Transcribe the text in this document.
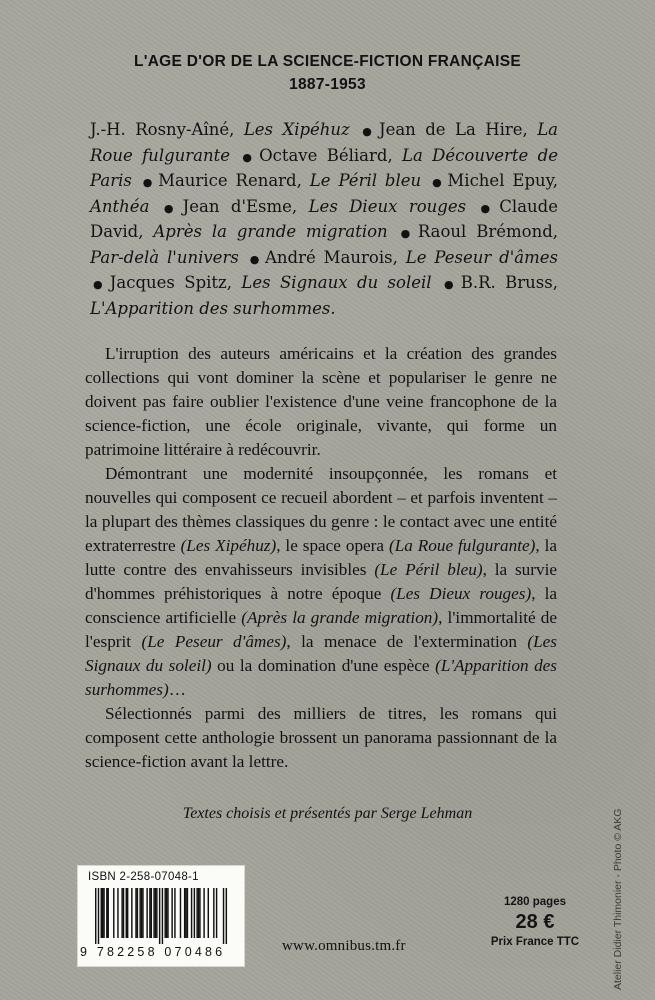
L'AGE D'OR DE LA SCIENCE-FICTION FRANÇAISE
1887-1953
J.-H. Rosny-Aîné, Les Xipéhuz ● Jean de La Hire, La Roue fulgurante ● Octave Béliard, La Découverte de Paris ● Maurice Renard, Le Péril bleu ● Michel Epuy, Anthéa ● Jean d'Esme, Les Dieux rouges ● Claude David, Après la grande migration ● Raoul Brémond, Par-delà l'univers ● André Maurois, Le Peseur d'âmes ● Jacques Spitz, Les Signaux du soleil ● B.R. Bruss, L'Apparition des surhommes.

L'irruption des auteurs américains et la création des grandes collections qui vont dominer la scène et populariser le genre ne doivent pas faire oublier l'existence d'une veine francophone de la science-fiction, une école originale, vivante, qui forme un patrimoine littéraire à redécouvrir.

Démontrant une modernité insoupçonnée, les romans et nouvelles qui composent ce recueil abordent – et parfois inventent – la plupart des thèmes classiques du genre : le contact avec une entité extraterrestre (Les Xipéhuz), le space opera (La Roue fulgurante), la lutte contre des envahisseurs invisibles (Le Péril bleu), la survie d'hommes préhistoriques à notre époque (Les Dieux rouges), la conscience artificielle (Après la grande migration), l'immortalité de l'esprit (Le Peseur d'âmes), la menace de l'extermination (Les Signaux du soleil) ou la domination d'une espèce (L'Apparition des surhommes)…

Sélectionnés parmi des milliers de titres, les romans qui composent cette anthologie brossent un panorama passionnant de la science-fiction avant la lettre.

Textes choisis et présentés par Serge Lehman	Atelier Didier Thimonier - Photo © AKG
ISBN 2-258-07048-1
9 782258 070486	www.omnibus.tm.fr
1280 pages
28 €
Prix France TTC
